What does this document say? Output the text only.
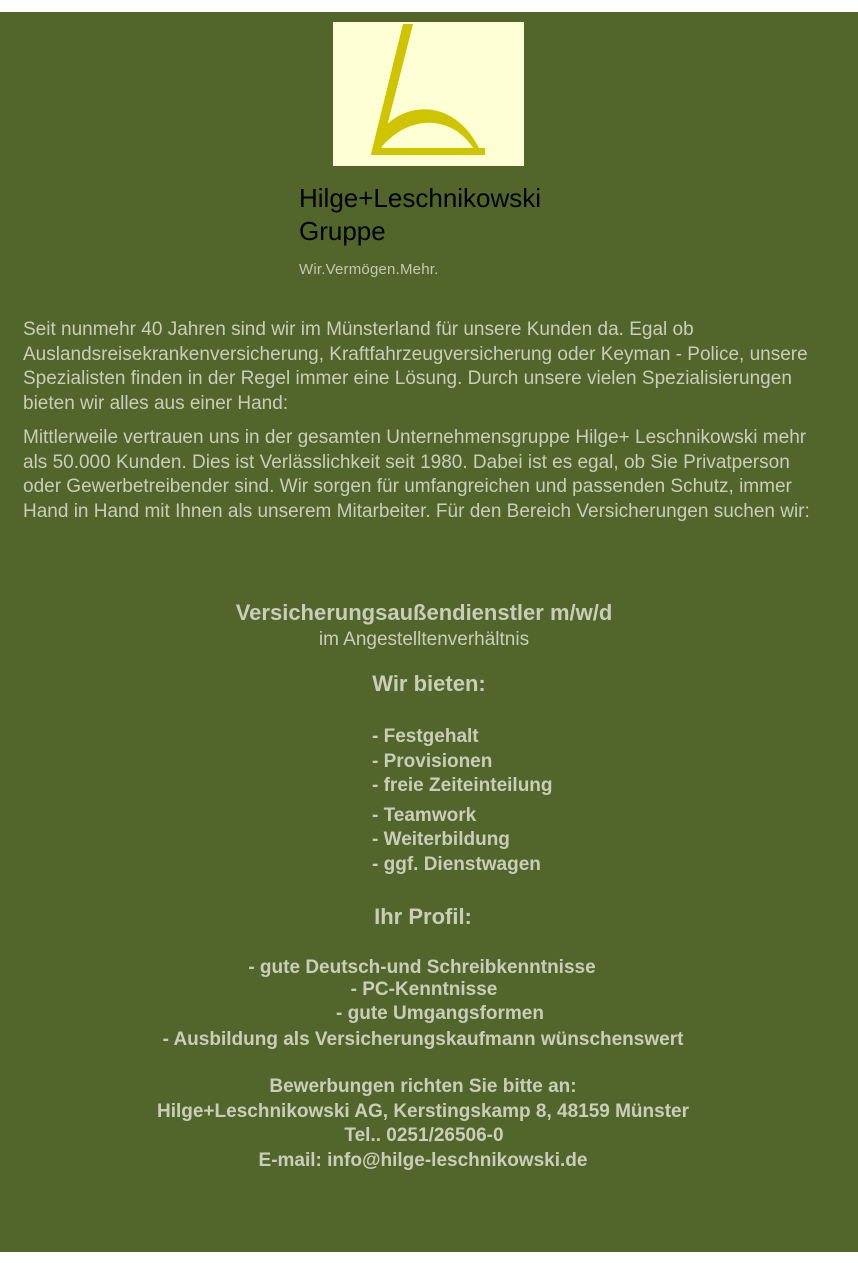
Hilge+Leschnikowski
Gruppe
Wir.Vermögen.Mehr.

Seit nunmehr 40 Jahren sind wir im Münsterland für unsere Kunden da. Egal ob Auslandsreisekrankenversicherung, Kraftfahrzeugversicherung oder Keyman - Police, unsere Spezialisten finden in der Regel immer eine Lösung. Durch unsere vielen Spezialisierungen bieten wir alles aus einer Hand:

Mittlerweile vertrauen uns in der gesamten Unternehmensgruppe Hilge+ Leschnikowski mehr als 50.000 Kunden. Dies ist Verlässlichkeit seit 1980. Dabei ist es egal, ob Sie Privatperson oder Gewerbetreibender sind. Wir sorgen für umfangreichen und passenden Schutz, immer Hand in Hand mit Ihnen als unserem Mitarbeiter. Für den Bereich Versicherungen suchen wir:

Versicherungsaußendienstler m/w/d
im Angestelltenverhältnis
Wir bieten:
- Festgehalt
- Provisionen
- freie Zeiteinteilung
- Teamwork
- Weiterbildung
- ggf. Dienstwagen
Ihr Profil:
- gute Deutsch-und Schreibkenntnisse
- PC-Kenntnisse
- gute Umgangsformen
- Ausbildung als Versicherungskaufmann wünschenswert
Bewerbungen richten Sie bitte an:
Hilge+Leschnikowski AG, Kerstingskamp 8, 48159 Münster
Tel.. 0251/26506-0
E-mail: info@hilge-leschnikowski.de
